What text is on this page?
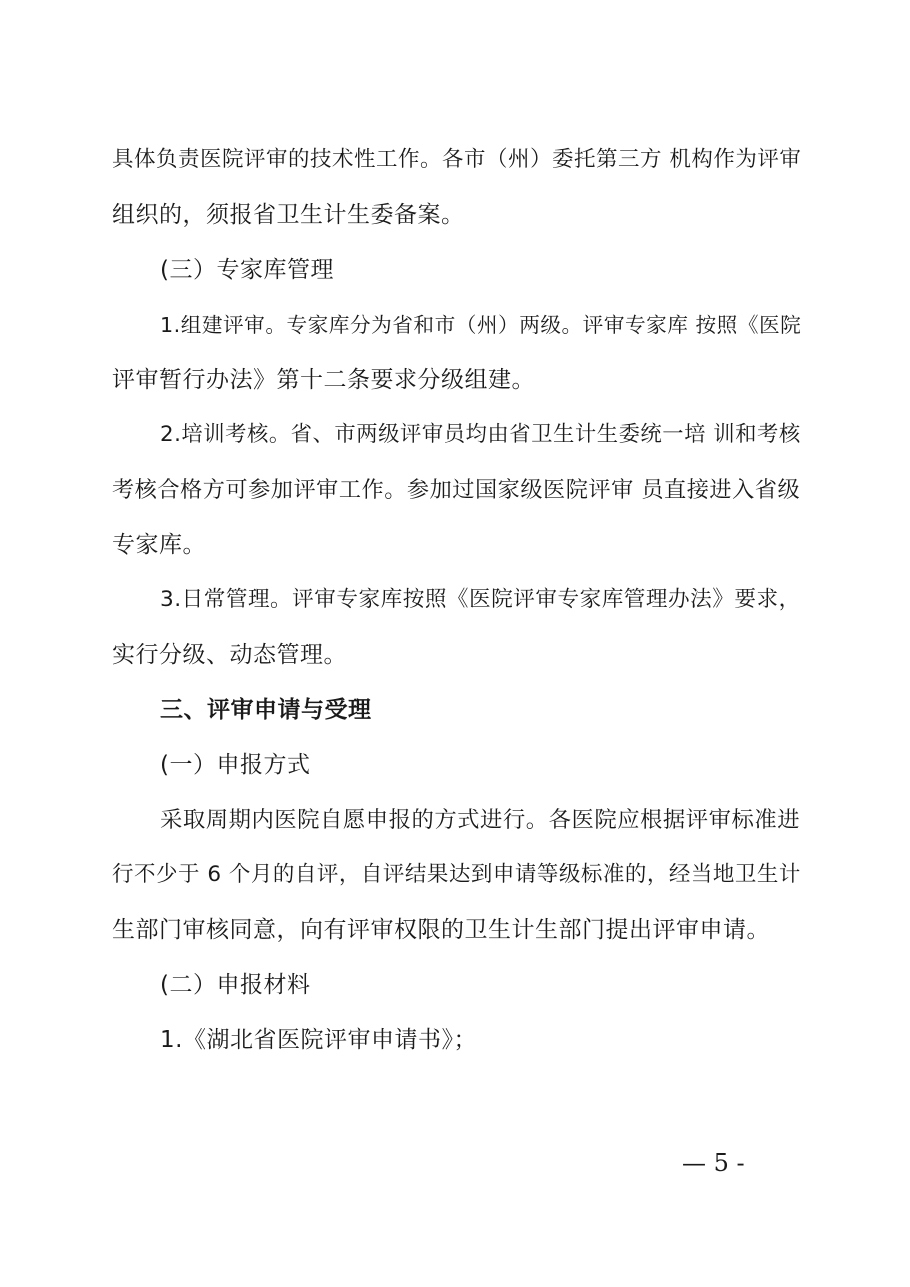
具体负责医院评审的技术性工作。各市（州）委托第三方 机构作为评审
组织的，须报省卫生计生委备案。
(三）专家库管理
1.组建评审。专家库分为省和市（州）两级。评审专家库 按照《医院
评审暂行办法》第十二条要求分级组建。
2.培训考核。省、市两级评审员均由省卫生计生委统一培 训和考核
考核合格方可参加评审工作。参加过国家级医院评审 员直接进入省级
专家库。
3.日常管理。评审专家库按照《医院评审专家库管理办法》要求，
实行分级、动态管理。
三、评审申请与受理
(一）申报方式
采取周期内医院自愿申报的方式进行。各医院应根据评审标准进
行不少于 6 个月的自评，自评结果达到申请等级标准的，经当地卫生计
生部门审核同意，向有评审权限的卫生计生部门提出评审申请。
(二）申报材料
1.《湖北省医院评审申请书》；
— 5 -
